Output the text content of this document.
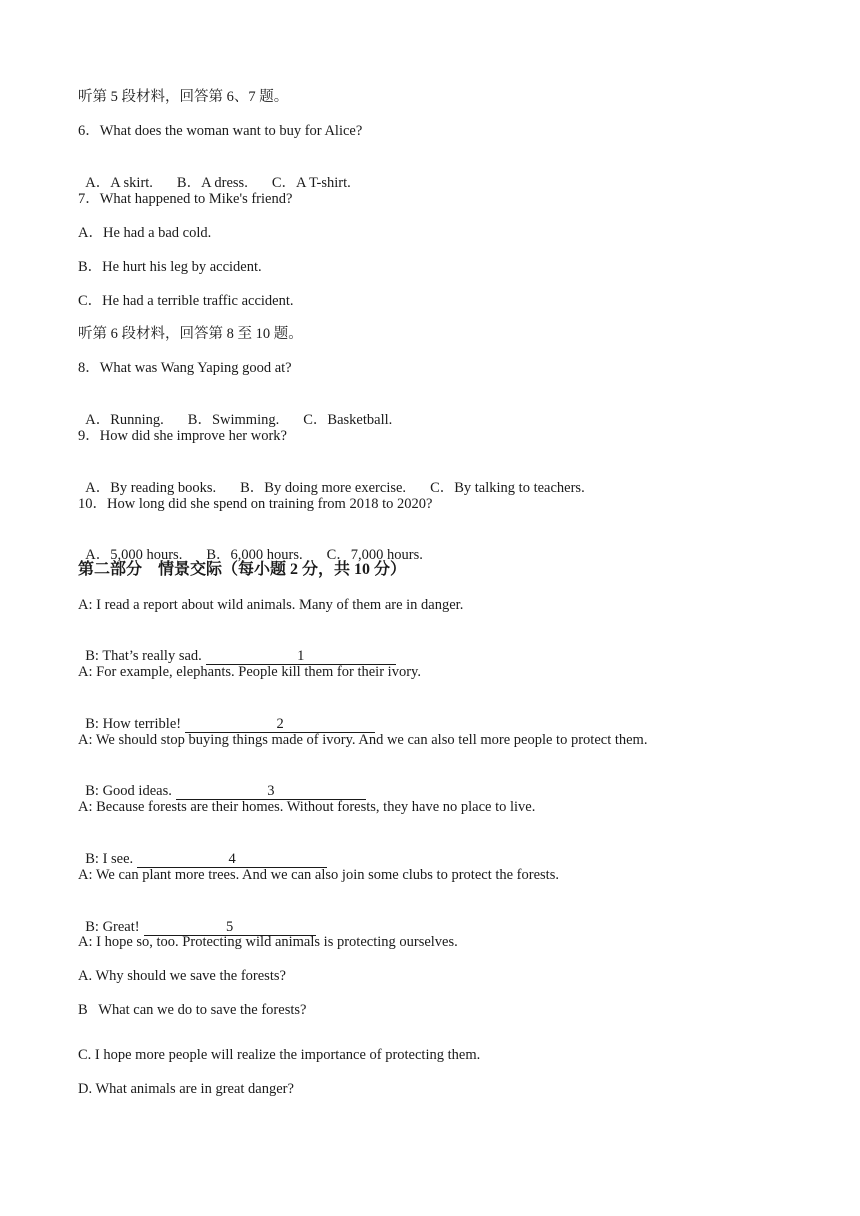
听第 5 段材料，回答第 6、7 题。
6．What does the woman want to buy for Alice?

A．A skirt. B．A dress. C．A T-shirt.

7．What happened to Mike's friend?
A．He had a bad cold.
B．He hurt his leg by accident.
C．He had a terrible traffic accident.
听第 6 段材料，回答第 8 至 10 题。
8．What was Wang Yaping good at?

A．Running. B．Swimming. C．Basketball.

9．How did she improve her work?

A．By reading books. B．By doing more exercise. C．By talking to teachers.

10．How long did she spend on training from 2018 to 2020?

A．5,000 hours. B．6,000 hours. C．7,000 hours.

第二部分　情景交际（每小题 2 分，共 10 分）
A: I read a report about wild animals. Many of them are in danger.

B: That’s really sad.	1

A: For example, elephants. People kill them for their ivory.

B: How terrible!	2

A: We should stop buying things made of ivory. And we can also tell more people to protect them.

B: Good ideas.	3

A: Because forests are their homes. Without forests, they have no place to live.

B: I see.	4

A: We can plant more trees. And we can also join some clubs to protect the forests.

B: Great!	5

A: I hope so, too. Protecting wild animals is protecting ourselves.
A. Why should we save the forests?
B   What can we do to save the forests?
C. I hope more people will realize the importance of protecting them.
D. What animals are in great danger?
